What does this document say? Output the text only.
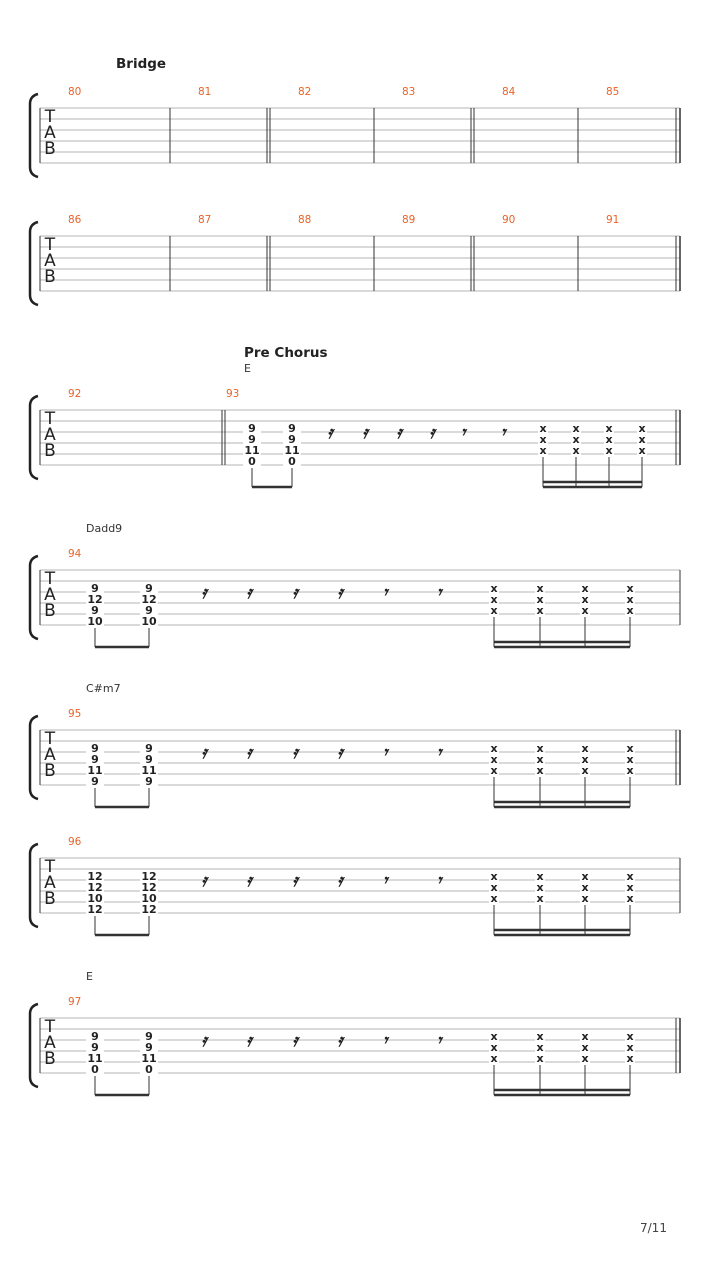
T
A
B
Bridge
80	81	82	83	84	85
T
A
B
86	87	88	89	90	91
T
A
B
Pre Chorus
92	93
E
9
9
11
0
9
9
11
0
𝄿 𝄿 𝄿 𝄿 𝄾 𝄾	x
x
x
x
x
x
x
x
x
x
x
x
T
A
B
94
Dadd9
9
12
9
10
9
12
9
10
𝄿 𝄿 𝄿 𝄿 𝄾	𝄾	x
x
x
x
x
x
x
x
x
x
x
x
T
A
B
95
C#m7
9
9
11
9
9
9
11
9
𝄿 𝄿 𝄿 𝄿 𝄾	𝄾	x
x
x
x
x
x
x
x
x
x
x
x
T
A
B
96
12
12
10
12
12
12
10
12
𝄿 𝄿 𝄿 𝄿 𝄾	𝄾	x
x
x
x
x
x
x
x
x
x
x
x
T
A
B
97
E
9
9
11
0
9
9
11
0
𝄿 𝄿 𝄿 𝄿 𝄾	𝄾	x
x
x
x
x
x
x
x
x
x
x
x
7/11
